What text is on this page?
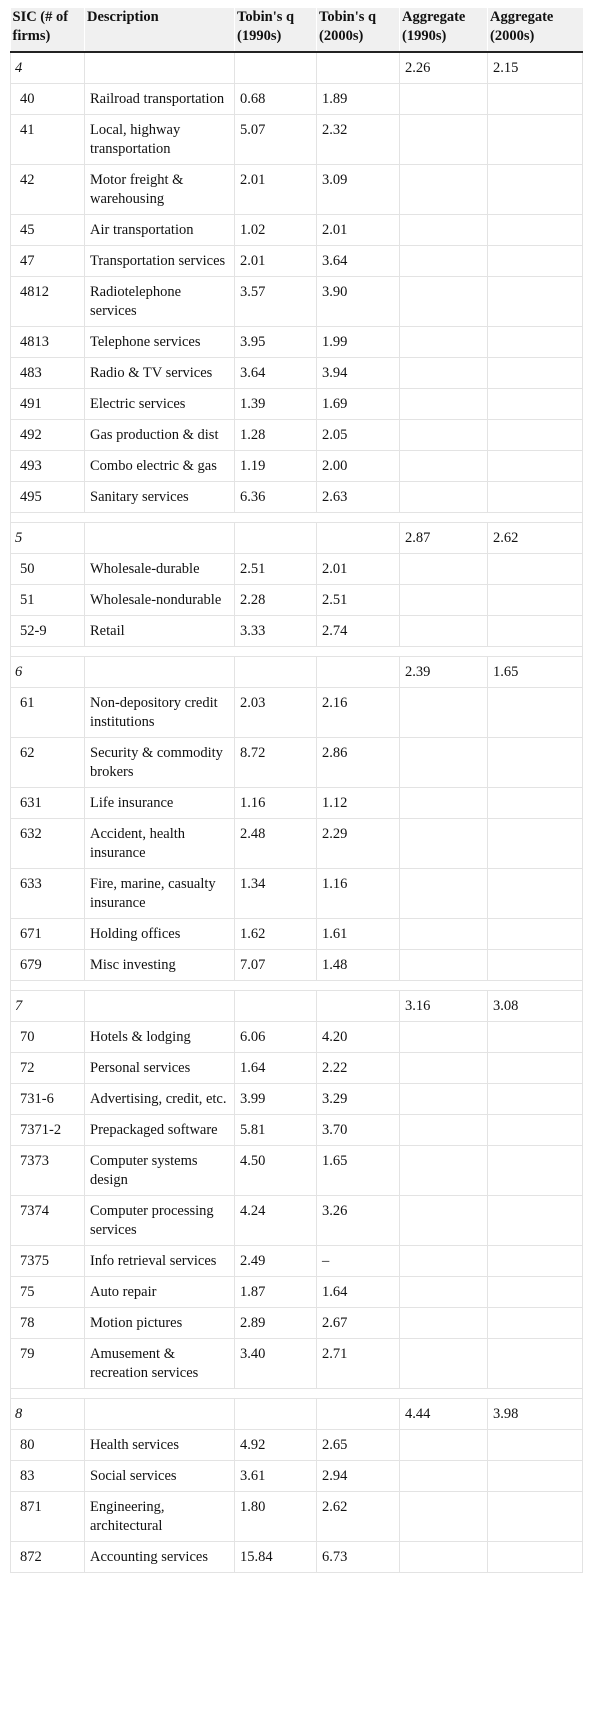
SIC (# of firms)	Description	Tobin's q (1990s)	Tobin's q (2000s)	Aggregate (1990s)	Aggregate (2000s)
4				2.26	2.15
40	Railroad transportation	0.68	1.89		
41	Local, highway transportation	5.07	2.32		
42	Motor freight & warehousing	2.01	3.09		
45	Air transportation	1.02	2.01		
47	Transportation services	2.01	3.64		
4812	Radiotelephone services	3.57	3.90		
4813	Telephone services	3.95	1.99		
483	Radio & TV services	3.64	3.94		
491	Electric services	1.39	1.69		
492	Gas production & dist	1.28	2.05		
493	Combo electric & gas	1.19	2.00		
495	Sanitary services	6.36	2.63		

5				2.87	2.62
50	Wholesale-durable	2.51	2.01		
51	Wholesale-nondurable	2.28	2.51		
52-9	Retail	3.33	2.74		

6				2.39	1.65
61	Non-depository credit institutions	2.03	2.16		
62	Security & commodity brokers	8.72	2.86		
631	Life insurance	1.16	1.12		
632	Accident, health insurance	2.48	2.29		
633	Fire, marine, casualty insurance	1.34	1.16		
671	Holding offices	1.62	1.61		
679	Misc investing	7.07	1.48		

7				3.16	3.08
70	Hotels & lodging	6.06	4.20		
72	Personal services	1.64	2.22		
731-6	Advertising, credit, etc.	3.99	3.29		
7371-2	Prepackaged software	5.81	3.70		
7373	Computer systems design	4.50	1.65		
7374	Computer processing services	4.24	3.26		
7375	Info retrieval services	2.49	–		
75	Auto repair	1.87	1.64		
78	Motion pictures	2.89	2.67		
79	Amusement & recreation services	3.40	2.71		

8				4.44	3.98
80	Health services	4.92	2.65		
83	Social services	3.61	2.94		
871	Engineering, architectural	1.80	2.62		
872	Accounting services	15.84	6.73		
